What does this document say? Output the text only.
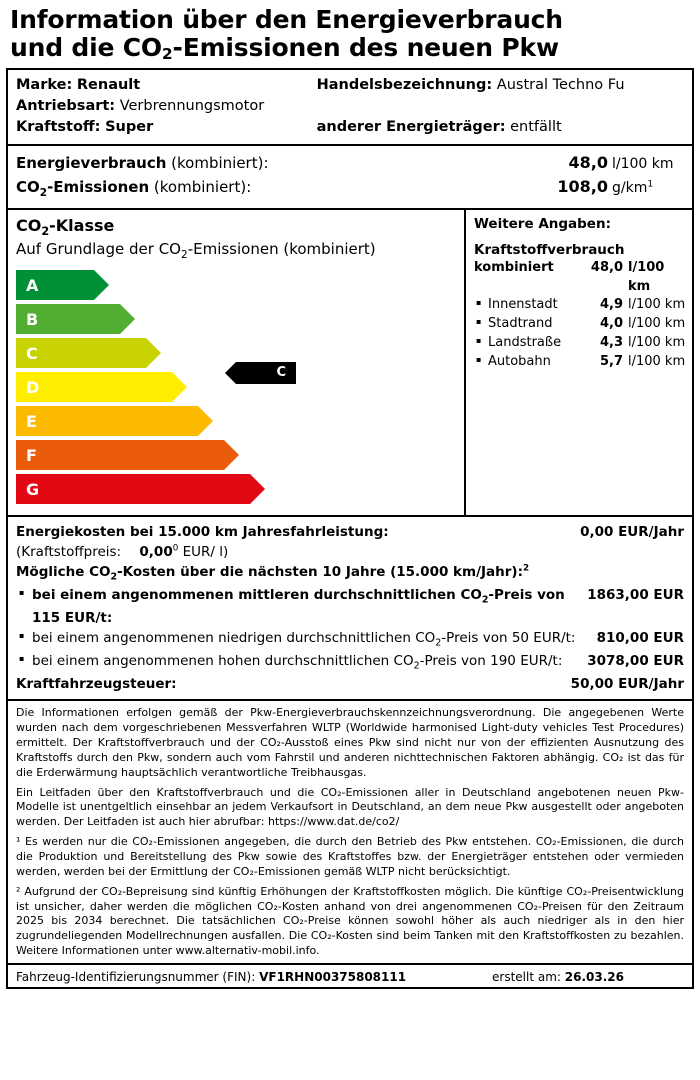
Information über den Energieverbrauch
und die $CO_2$-Emissionen des neuen Pkw
Marke: Renault	Handelsbezeichnung: Austral Techno Fu
Antriebsart: Verbrennungsmotor
Kraftstoff: Super	anderer Energieträger: entfällt
Energieverbrauch (kombiniert):	48,0 l/100 km
$CO_2$-Emissionen (kombiniert):	108,0 $g/km^1$
$CO_2$-Klasse
Auf Grundlage der $CO_2$-Emissionen (kombiniert)
A
B
C
D
E
F
G
C
Weitere Angaben:
Kraftstoffverbrauch
kombiniert	48,0 l/100 km
▪ Innenstadt	4,9 l/100 km
▪ Stadtrand	4,0 l/100 km
▪ Landstraße	4,3 l/100 km
▪ Autobahn	5,7 l/100 km
Energiekosten bei 15.000 km Jahresfahrleistung:	0,00 EUR/Jahr
(Kraftstoffpreis: 0,00$^0$ EUR/ l)
Mögliche $CO_2$-Kosten über die nächsten 10 Jahre (15.000 km/Jahr):$^2$
▪ bei einem angenommenen mittleren durchschnittlichen $CO_2$-Preis von 115 EUR/t:
1863,00 EUR
▪ bei einem angenommenen niedrigen durchschnittlichen $CO_2$-Preis von 50 EUR/t:	810,00 EUR
▪ bei einem angenommenen hohen durchschnittlichen $CO_2$-Preis von 190 EUR/t:	3078,00 EUR
Kraftfahrzeugsteuer:	50,00 EUR/Jahr

Die Informationen erfolgen gemäß der Pkw-Energieverbrauchskennzeichnungsverordnung. Die angegebenen Werte wurden nach dem vorgeschriebenen Messverfahren WLTP (Worldwide harmonised Light-duty vehicles Test Procedures) ermittelt. Der Kraftstoffverbrauch und der CO₂-Ausstoß eines Pkw sind nicht nur von der effizienten Ausnutzung des Kraftstoffs durch den Pkw, sondern auch vom Fahrstil und anderen nichttechnischen Faktoren abhängig. CO₂ ist das für die Erderwärmung hauptsächlich verantwortliche Treibhausgas.

Ein Leitfaden über den Kraftstoffverbrauch und die CO₂-Emissionen aller in Deutschland angebotenen neuen Pkw-Modelle ist unentgeltlich einsehbar an jedem Verkaufsort in Deutschland, an dem neue Pkw ausgestellt oder angeboten werden. Der Leitfaden ist auch hier abrufbar: https://www.dat.de/co2/

¹ Es werden nur die CO₂-Emissionen angegeben, die durch den Betrieb des Pkw entstehen. CO₂-Emissionen, die durch die Produktion und Bereitstellung des Pkw sowie des Kraftstoffes bzw. der Energieträger entstehen oder vermieden werden, werden bei der Ermittlung der CO₂-Emissionen gemäß WLTP nicht berücksichtigt.

² Aufgrund der CO₂-Bepreisung sind künftig Erhöhungen der Kraftstoffkosten möglich. Die künftige CO₂-Preisentwicklung ist unsicher, daher werden die möglichen CO₂-Kosten anhand von drei angenommenen CO₂-Preisen für den Zeitraum 2025 bis 2034 berechnet. Die tatsächlichen CO₂-Preise können sowohl höher als auch niedriger als in den hier zugrundeliegenden Modellrechnungen ausfallen. Die CO₂-Kosten sind beim Tanken mit den Kraftstoffkosten zu bezahlen. Weitere Informationen unter www.alternativ-mobil.info.

Fahrzeug-Identifizierungsnummer (FIN): VF1RHN00375808111	erstellt am: 26.03.26
